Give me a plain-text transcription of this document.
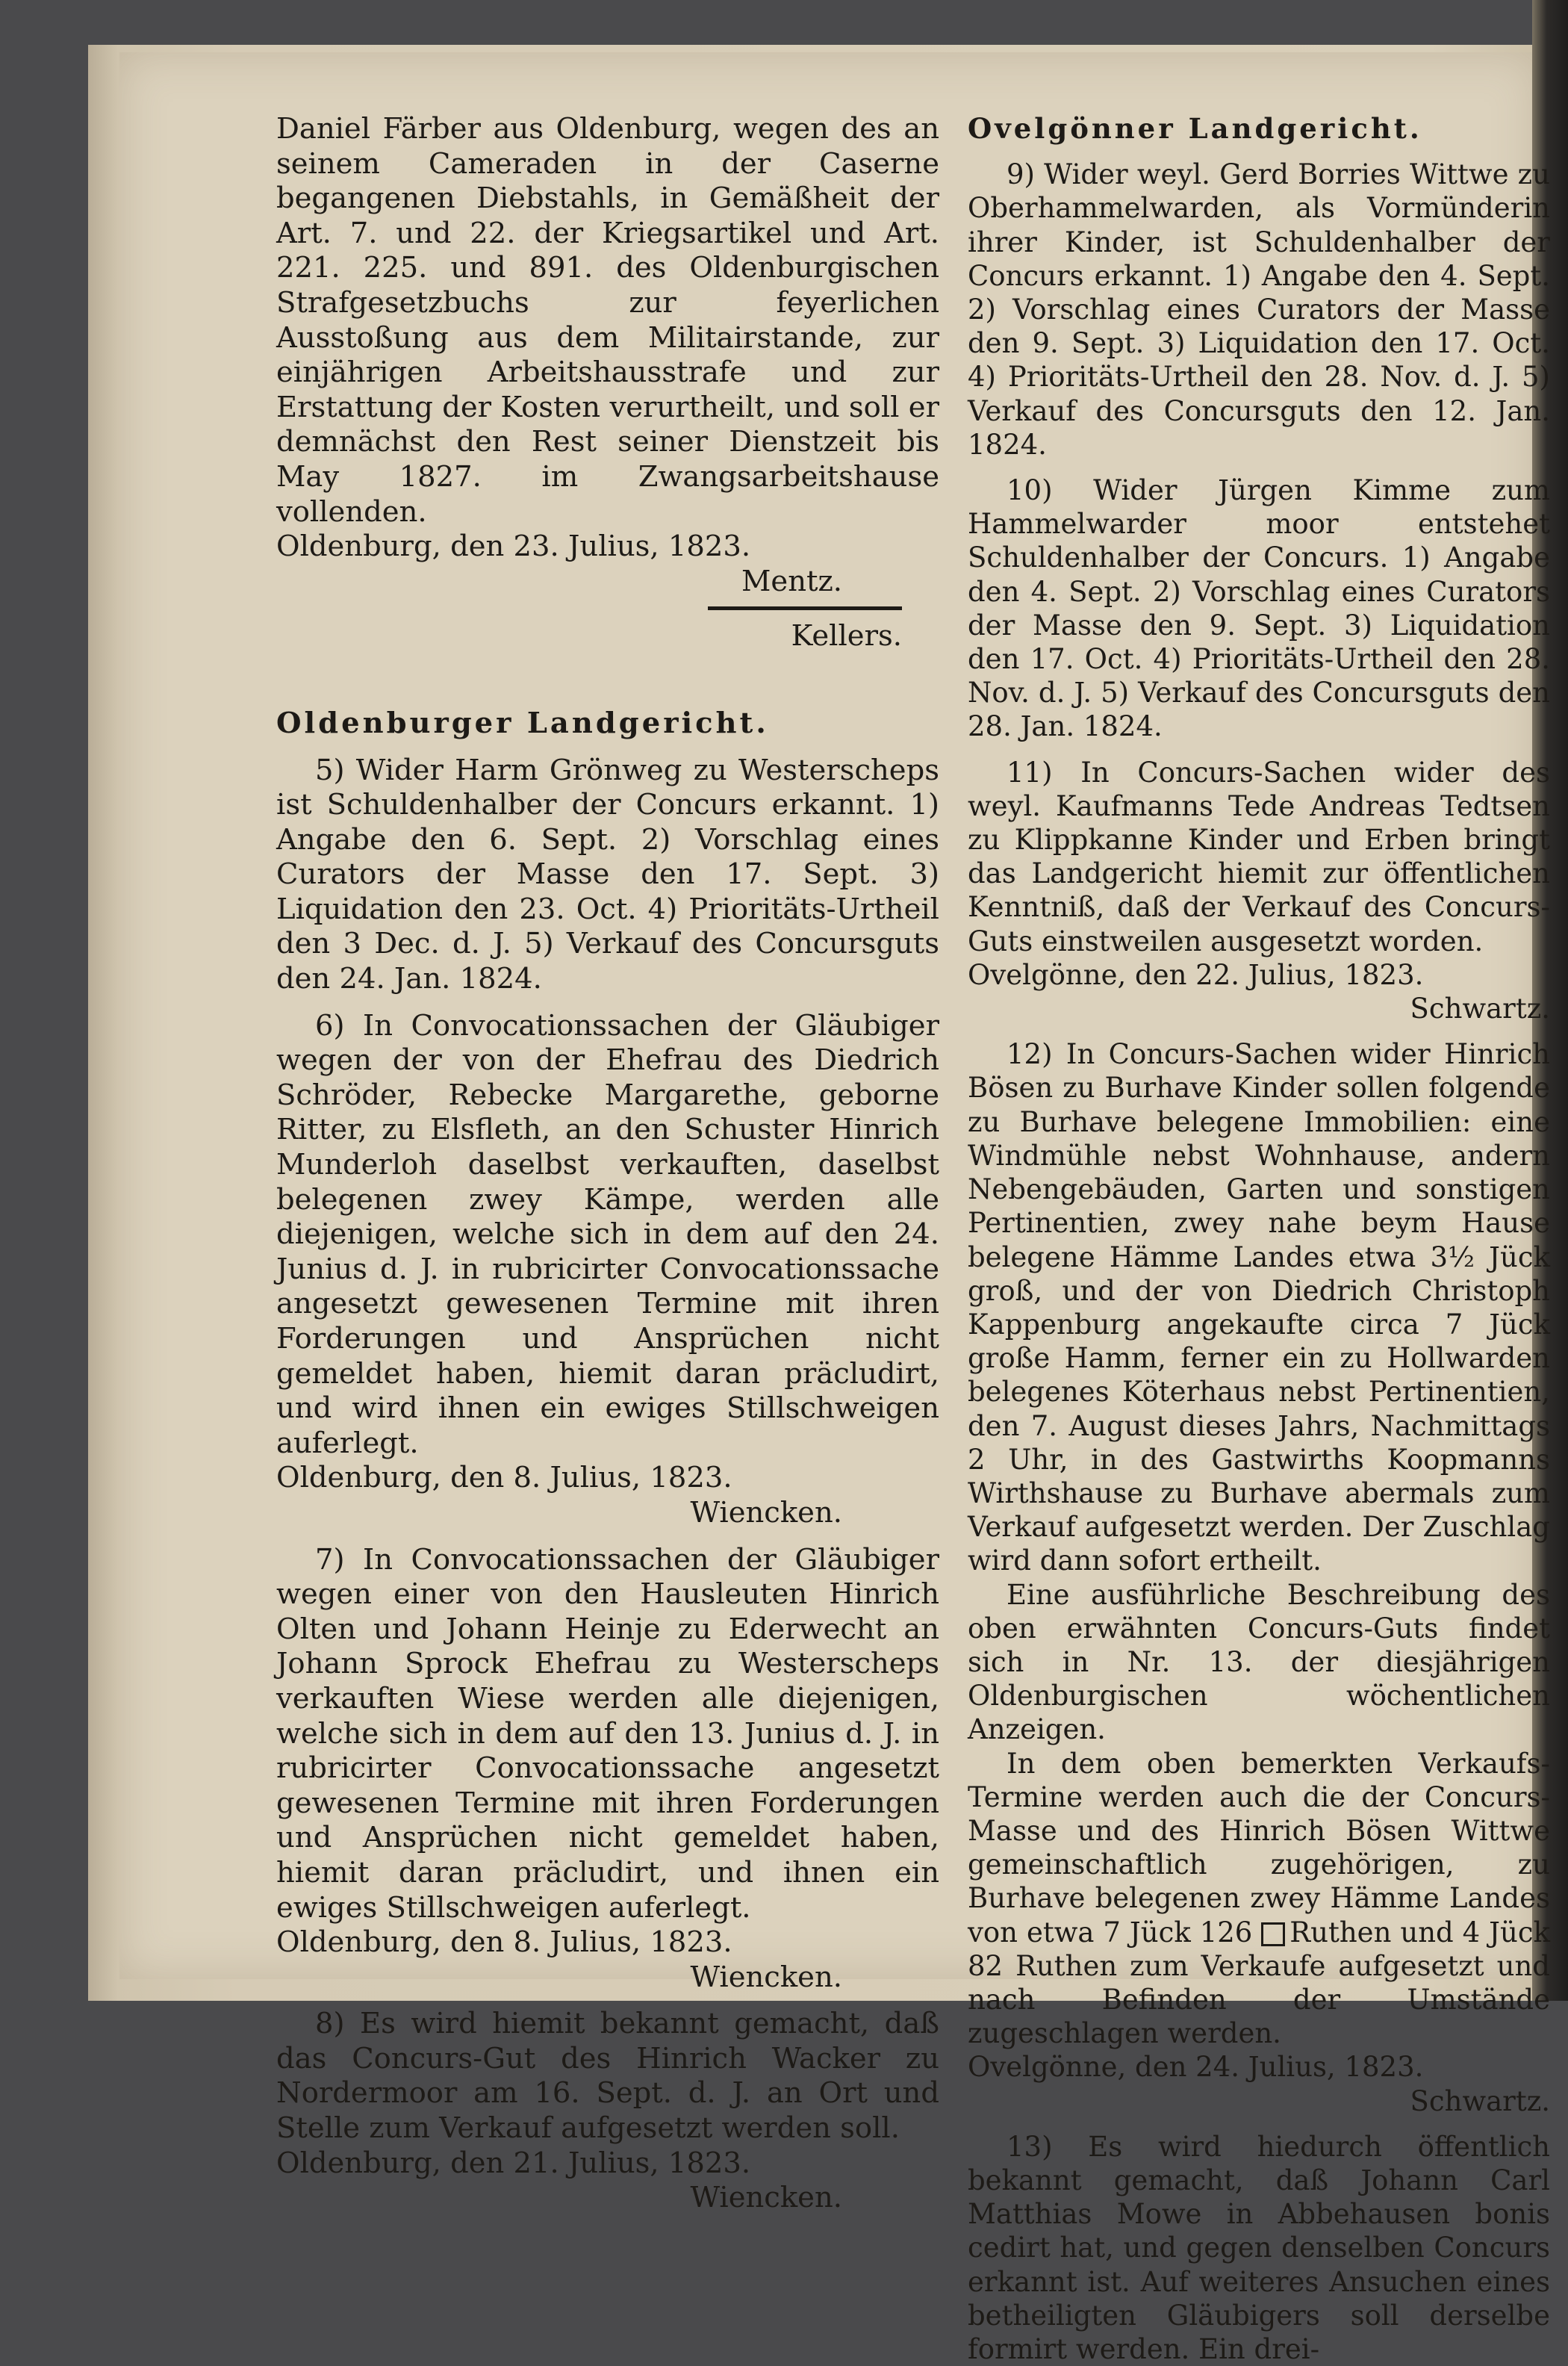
Daniel Färber aus Oldenburg, wegen des an seinem Cameraden in der Caserne begangenen Diebstahls, in Gemäßheit der Art. 7. und 22. der Kriegsartikel und Art. 221. 225. und 891. des Oldenburgischen Strafgesetzbuchs zur feyerlichen Ausstoßung aus dem Militairstande, zur einjährigen Arbeitshausstrafe und zur Erstattung der Kosten verurtheilt, und soll er demnächst den Rest seiner Dienstzeit bis May 1827. im Zwangsarbeitshause vollenden.

Oldenburg, den 23. Julius, 1823.

Mentz.

Kellers.

Oldenburger Landgericht.

5) Wider Harm Grönweg zu Westerscheps ist Schuldenhalber der Concurs erkannt. 1) Angabe den 6. Sept. 2) Vorschlag eines Curators der Masse den 17. Sept. 3) Liquidation den 23. Oct. 4) Prioritäts-Urtheil den 3 Dec. d. J. 5) Verkauf des Concursguts den 24. Jan. 1824.

6) In Convocationssachen der Gläubiger wegen der von der Ehefrau des Diedrich Schröder, Rebecke Margarethe, geborne Ritter, zu Elsfleth, an den Schuster Hinrich Munderloh daselbst verkauften, daselbst belegenen zwey Kämpe, werden alle diejenigen, welche sich in dem auf den 24. Junius d. J. in rubricirter Convocationssache angesetzt gewesenen Termine mit ihren Forderungen und Ansprüchen nicht gemeldet haben, hiemit daran präcludirt, und wird ihnen ein ewiges Stillschweigen auferlegt.

Oldenburg, den 8. Julius, 1823.

Wiencken.

7) In Convocationssachen der Gläubiger wegen einer von den Hausleuten Hinrich Olten und Johann Heinje zu Ederwecht an Johann Sprock Ehefrau zu Westerscheps verkauften Wiese werden alle diejenigen, welche sich in dem auf den 13. Junius d. J. in rubricirter Convocationssache angesetzt gewesenen Termine mit ihren Forderungen und Ansprüchen nicht gemeldet haben, hiemit daran präcludirt, und ihnen ein ewiges Stillschweigen auferlegt.

Oldenburg, den 8. Julius, 1823.

Wiencken.

8) Es wird hiemit bekannt gemacht, daß das Concurs-Gut des Hinrich Wacker zu Nordermoor am 16. Sept. d. J. an Ort und Stelle zum Verkauf aufgesetzt werden soll.

Oldenburg, den 21. Julius, 1823.

Wiencken.

Ovelgönner Landgericht.

9) Wider weyl. Gerd Borries Wittwe zu Oberhammelwarden, als Vormünderin ihrer Kinder, ist Schuldenhalber der Concurs erkannt. 1) Angabe den 4. Sept. 2) Vorschlag eines Curators der Masse den 9. Sept. 3) Liquidation den 17. Oct. 4) Prioritäts-Urtheil den 28. Nov. d. J. 5) Verkauf des Concursguts den 12. Jan. 1824.

10) Wider Jürgen Kimme zum Hammelwarder moor entstehet Schuldenhalber der Concurs. 1) Angabe den 4. Sept. 2) Vorschlag eines Curators der Masse den 9. Sept. 3) Liquidation den 17. Oct. 4) Prioritäts-Urtheil den 28. Nov. d. J. 5) Verkauf des Concursguts den 28. Jan. 1824.

11) In Concurs-Sachen wider des weyl. Kaufmanns Tede Andreas Tedtsen zu Klippkanne Kinder und Erben bringt das Landgericht hiemit zur öffentlichen Kenntniß, daß der Verkauf des Concurs-Guts einstweilen ausgesetzt worden.

Ovelgönne, den 22. Julius, 1823.

Schwartz.

12) In Concurs-Sachen wider Hinrich Bösen zu Burhave Kinder sollen folgende zu Burhave belegene Immobilien: eine Windmühle nebst Wohnhause, andern Nebengebäuden, Garten und sonstigen Pertinentien, zwey nahe beym Hause belegene Hämme Landes etwa 3½ Jück groß, und der von Diedrich Christoph Kappenburg angekaufte circa 7 Jück große Hamm, ferner ein zu Hollwarden belegenes Köterhaus nebst Pertinentien, den 7. August dieses Jahrs, Nachmittags 2 Uhr, in des Gastwirths Koopmanns Wirthshause zu Burhave abermals zum Verkauf aufgesetzt werden. Der Zuschlag wird dann sofort ertheilt.

Eine ausführliche Beschreibung des oben erwähnten Concurs-Guts findet sich in Nr. 13. der diesjährigen Oldenburgischen wöchentlichen Anzeigen.

In dem oben bemerkten Verkaufs-Termine werden auch die der Concurs-Masse und des Hinrich Bösen Wittwe gemeinschaftlich zugehörigen, zu Burhave belegenen zwey Hämme Landes von etwa 7 Jück 126 Ruthen und 4 Jück 82 Ruthen zum Verkaufe aufgesetzt und nach Befinden der Umstände zugeschlagen werden.

Ovelgönne, den 24. Julius, 1823.

Schwartz.

13) Es wird hiedurch öffentlich bekannt gemacht, daß Johann Carl Matthias Mowe in Abbehausen bonis cedirt hat, und gegen denselben Concurs erkannt ist. Auf weiteres Ansuchen eines betheiligten Gläubigers soll derselbe formirt werden. Ein drei-
